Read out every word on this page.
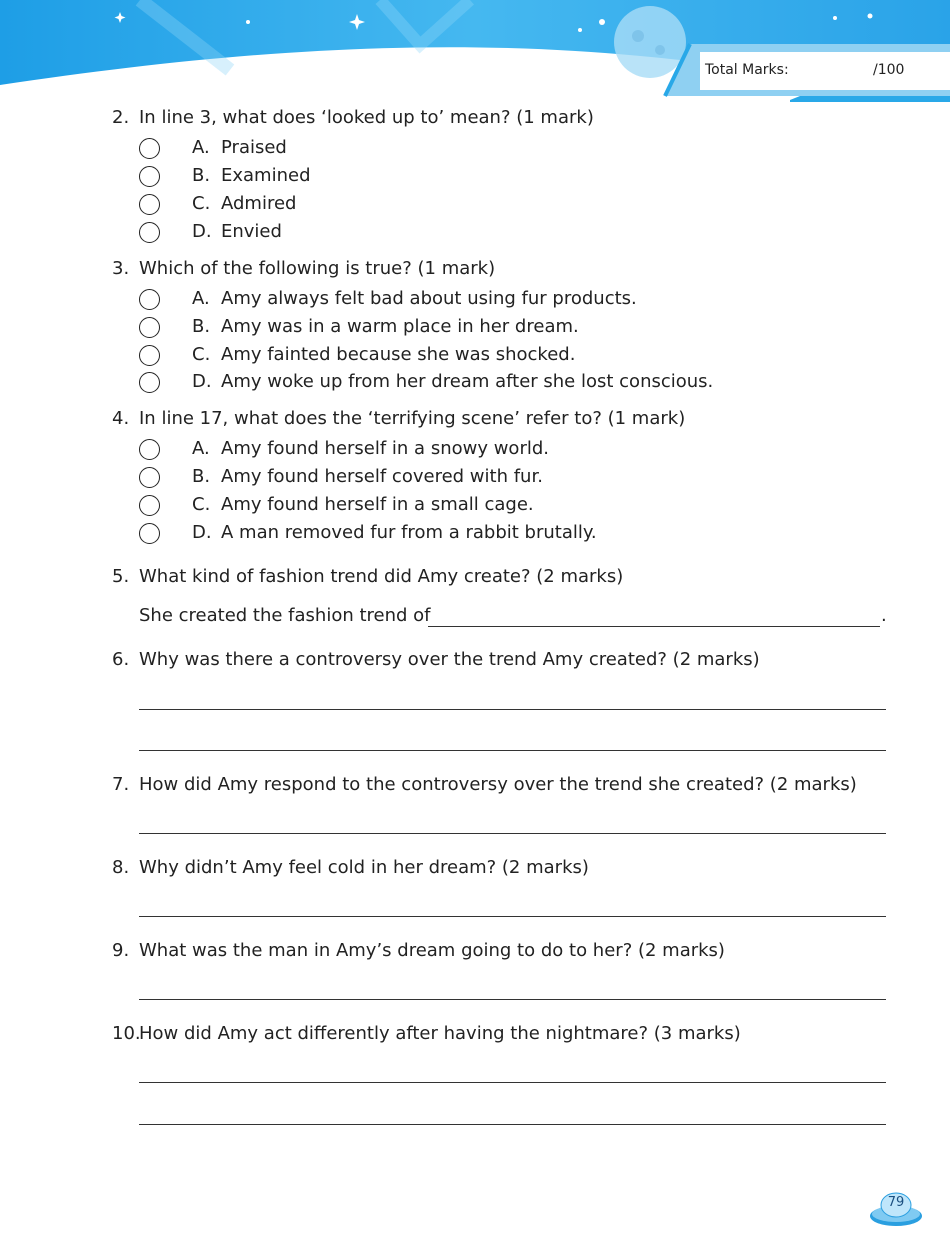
Total Marks:	/100
2. In line 3, what does ‘looked up to’ mean? (1 mark)
A. Praised
B. Examined
C. Admired
D. Envied
3. Which of the following is true? (1 mark)
A. Amy always felt bad about using fur products.
B. Amy was in a warm place in her dream.
C. Amy fainted because she was shocked.
D. Amy woke up from her dream after she lost conscious.
4. In line 17, what does the ‘terrifying scene’ refer to? (1 mark)
A. Amy found herself in a snowy world.
B. Amy found herself covered with fur.
C. Amy found herself in a small cage.
D. A man removed fur from a rabbit brutally.
5. What kind of fashion trend did Amy create? (2 marks)
She created the fashion trend of	.
6. Why was there a controversy over the trend Amy created? (2 marks)
7. How did Amy respond to the controversy over the trend she created? (2 marks)
8. Why didn’t Amy feel cold in her dream? (2 marks)
9. What was the man in Amy’s dream going to do to her? (2 marks)
10.
How did Amy act differently after having the nightmare? (3 marks)
79
